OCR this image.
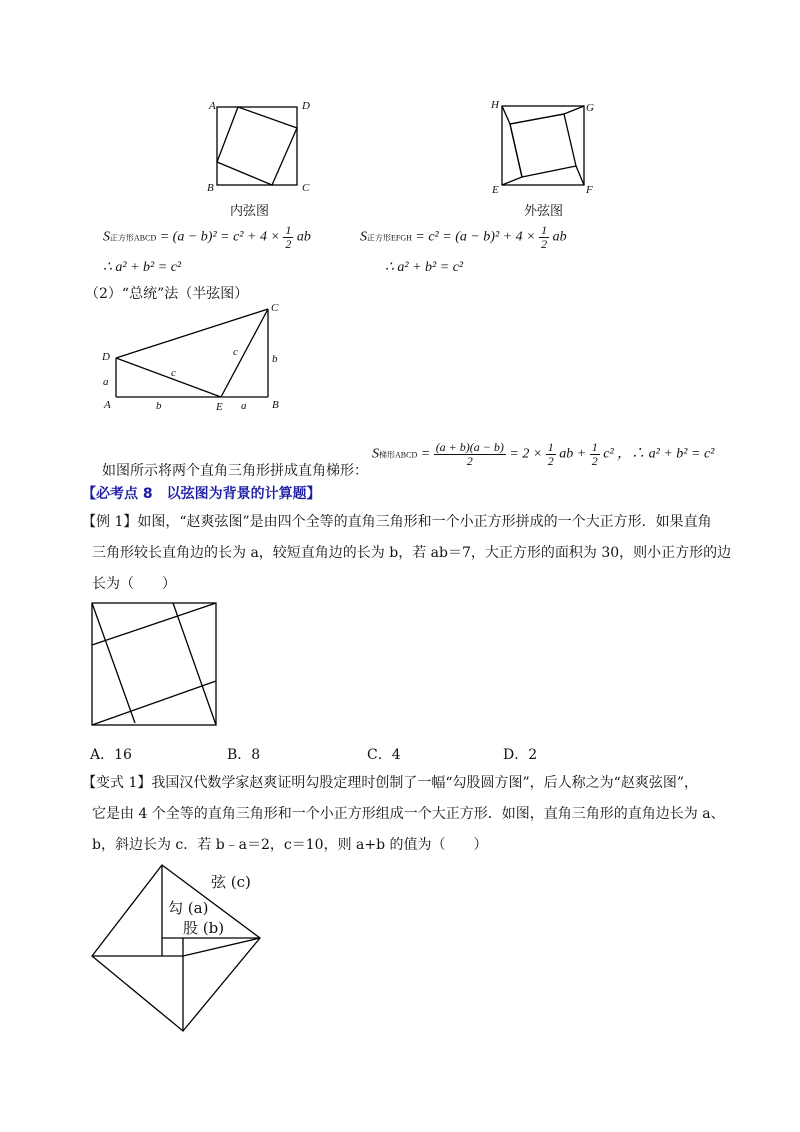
A	D
B	C
内弦图
H	G
E	F
外弦图
S正方形ABCD = $(a - b)^2 = c^2 + 4 \times \frac{1}{2}$ ab
∴ a² + b² = c²
S正方形EFGH = $c^2 = (a - b)^2 + 4 \times \frac{1}{2}$ ab
∴ a² + b² = c²
（2）“总统”法（半弦图）
C
D
A	E	B
c
c
a
b
b	a
如图所示将两个直角三角形拼成直角梯形：
S梯形ABCD = $\frac{(a + b)(a - b)}{2} = 2 \times \frac{1}{2}$ ab + $\frac{1}{2} c^2$ ，∴ a² + b² = c²
【必考点 8　以弦图为背景的计算题】
【例 1】如图，“赵爽弦图”是由四个全等的直角三角形和一个小正方形拼成的一个大正方形．如果直角
三角形较长直角边的长为 a，较短直角边的长为 b，若 ab＝7，大正方形的面积为 30，则小正方形的边
长为（　　）
A．16	B．8	C．4	D．2
【变式 1】我国汉代数学家赵爽证明勾股定理时创制了一幅“勾股圆方图”，后人称之为“赵爽弦图”，
它是由 4 个全等的直角三角形和一个小正方形组成一个大正方形．如图，直角三角形的直角边长为 a、
b，斜边长为 c．若 b﹣a＝2，c＝10，则 a+b 的值为（　　）
弦 (c)
勾 (a)
股 (b)
